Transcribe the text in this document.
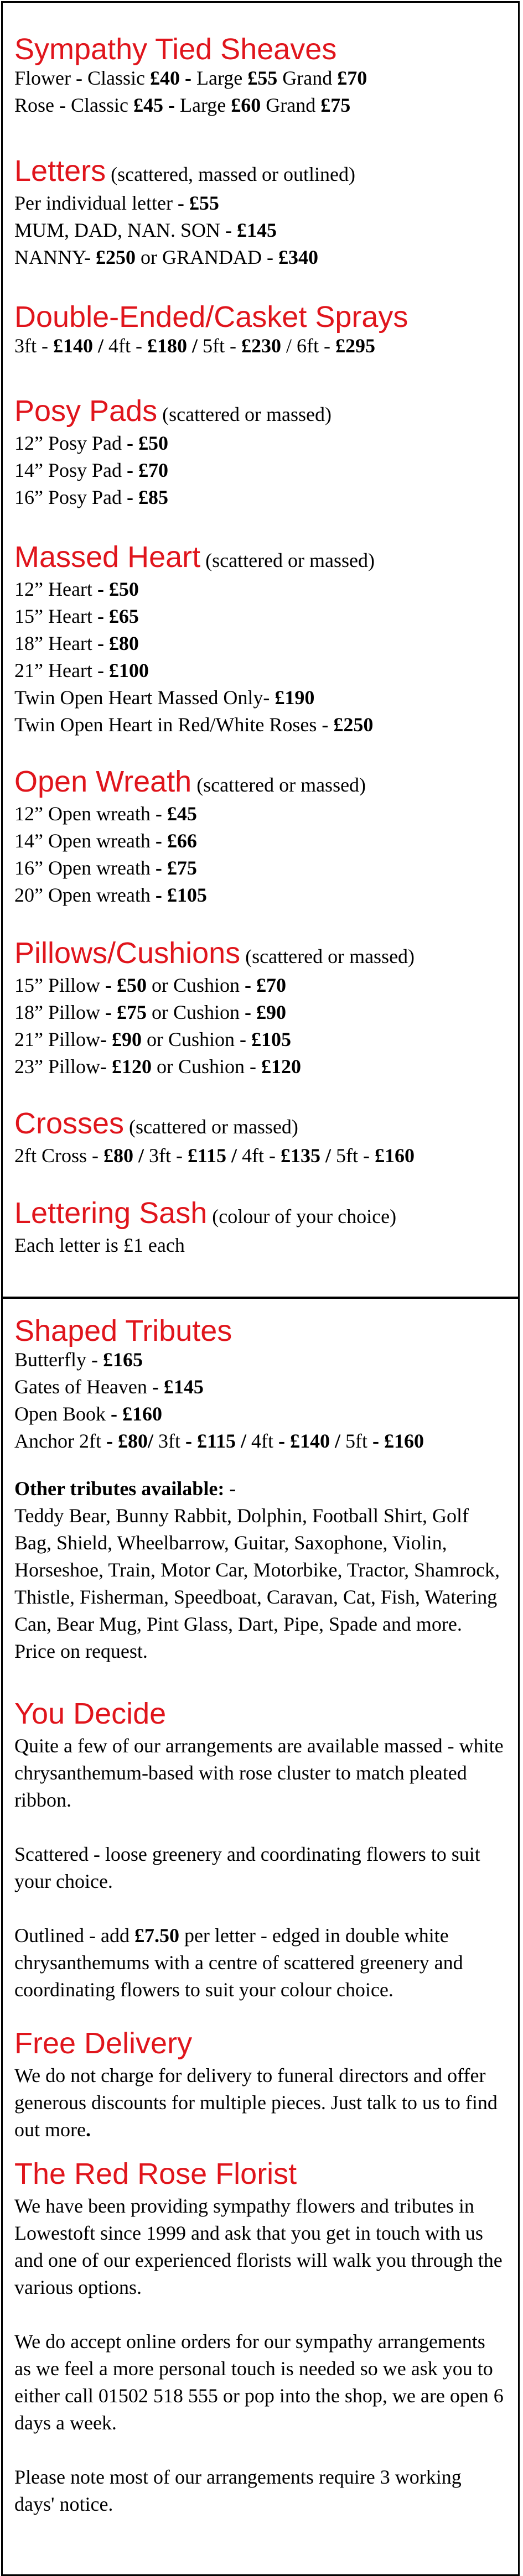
Sympathy Tied Sheaves
Flower - Classic £40 - Large £55 Grand £70
Rose - Classic £45 - Large £60 Grand £75
Letters (scattered, massed or outlined)
Per individual letter - £55
MUM, DAD, NAN. SON - £145
NANNY- £250 or GRANDAD - £340
Double-Ended/Casket Sprays
3ft - £140 / 4ft - £180 / 5ft - £230 / 6ft - £295
Posy Pads (scattered or massed)
12” Posy Pad - £50
14” Posy Pad - £70
16” Posy Pad - £85
Massed Heart (scattered or massed)
12” Heart - £50
15” Heart - £65
18” Heart - £80
21” Heart - £100
Twin Open Heart Massed Only- £190
Twin Open Heart in Red/White Roses - £250
Open Wreath (scattered or massed)
12” Open wreath - £45
14” Open wreath - £66
16” Open wreath - £75
20” Open wreath - £105
Pillows/Cushions (scattered or massed)
15” Pillow - £50 or Cushion - £70
18” Pillow - £75 or Cushion - £90
21” Pillow- £90 or Cushion - £105
23” Pillow- £120 or Cushion - £120
Crosses (scattered or massed)
2ft Cross - £80 / 3ft - £115 / 4ft - £135 / 5ft - £160
Lettering Sash (colour of your choice)
Each letter is £1 each
Shaped Tributes
Butterfly - £165
Gates of Heaven - £145
Open Book - £160
Anchor 2ft - £80/ 3ft - £115 / 4ft - £140 / 5ft - £160
Other tributes available: -
Teddy Bear, Bunny Rabbit, Dolphin, Football Shirt, Golf Bag, Shield, Wheelbarrow, Guitar, Saxophone, Violin, Horseshoe, Train, Motor Car, Motorbike, Tractor, Shamrock, Thistle, Fisherman, Speedboat, Caravan, Cat, Fish, Watering Can, Bear Mug, Pint Glass, Dart, Pipe, Spade and more. Price on request.
You Decide
Quite a few of our arrangements are available massed - white chrysanthemum-based with rose cluster to match pleated ribbon.
Scattered - loose greenery and coordinating flowers to suit your choice.
Outlined - add £7.50 per letter - edged in double white chrysanthemums with a centre of scattered greenery and coordinating flowers to suit your colour choice.
Free Delivery
We do not charge for delivery to funeral directors and offer generous discounts for multiple pieces. Just talk to us to find out more.
The Red Rose Florist
We have been providing sympathy flowers and tributes in Lowestoft since 1999 and ask that you get in touch with us and one of our experienced florists will walk you through the various options.
We do accept online orders for our sympathy arrangements as we feel a more personal touch is needed so we ask you to either call 01502 518 555 or pop into the shop, we are open 6 days a week.
Please note most of our arrangements require 3 working days' notice.
